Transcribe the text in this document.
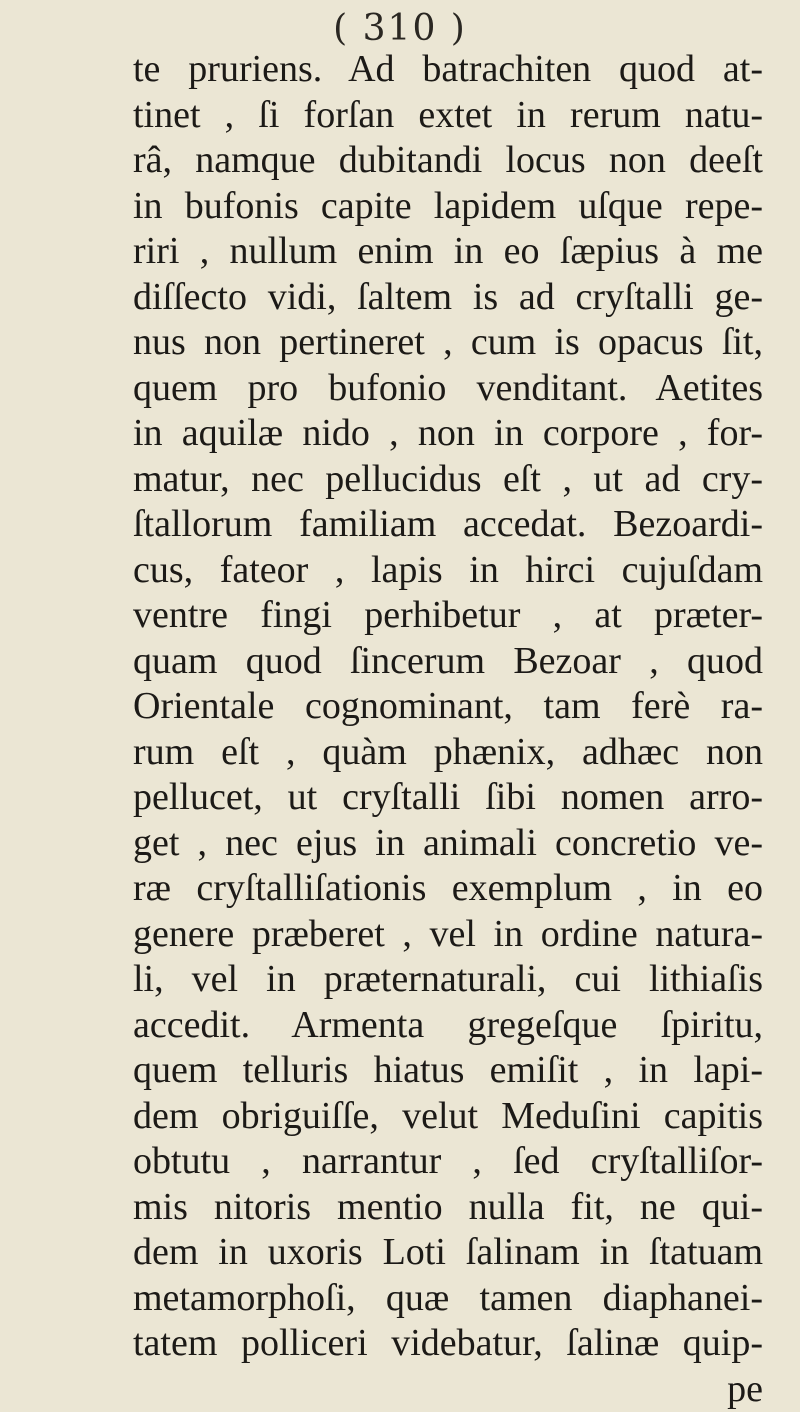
( 310 )
te pruriens. Ad batrachiten quod at-
tinet , ſi forſan extet in rerum natu-
râ, namque dubitandi locus non deeſt
in bufonis capite lapidem uſque repe-
riri , nullum enim in eo ſæpius à me
diſſecto vidi, ſaltem is ad cryſtalli ge-
nus non pertineret , cum is opacus ſit,
quem pro bufonio venditant. Aetites
in aquilæ nido , non in corpore , for-
matur, nec pellucidus eſt , ut ad cry-
ſtallorum familiam accedat. Bezoardi-
cus, fateor , lapis in hirci cujuſdam
ventre fingi perhibetur , at præter-
quam quod ſincerum Bezoar , quod
Orientale cognominant, tam ferè ra-
rum eſt , quàm phænix, adhæc non
pellucet, ut cryſtalli ſibi nomen arro-
get , nec ejus in animali concretio ve-
ræ cryſtalliſationis exemplum , in eo
genere præberet , vel in ordine natura-
li, vel in præternaturali, cui lithiaſis
accedit. Armenta gregeſque ſpiritu,
quem telluris hiatus emiſit , in lapi-
dem obriguiſſe, velut Meduſini capitis
obtutu , narrantur , ſed cryſtalliſor-
mis nitoris mentio nulla fit, ne qui-
dem in uxoris Loti ſalinam in ſtatuam
metamorphoſi, quæ tamen diaphanei-
tatem polliceri videbatur, ſalinæ quip-
pe
